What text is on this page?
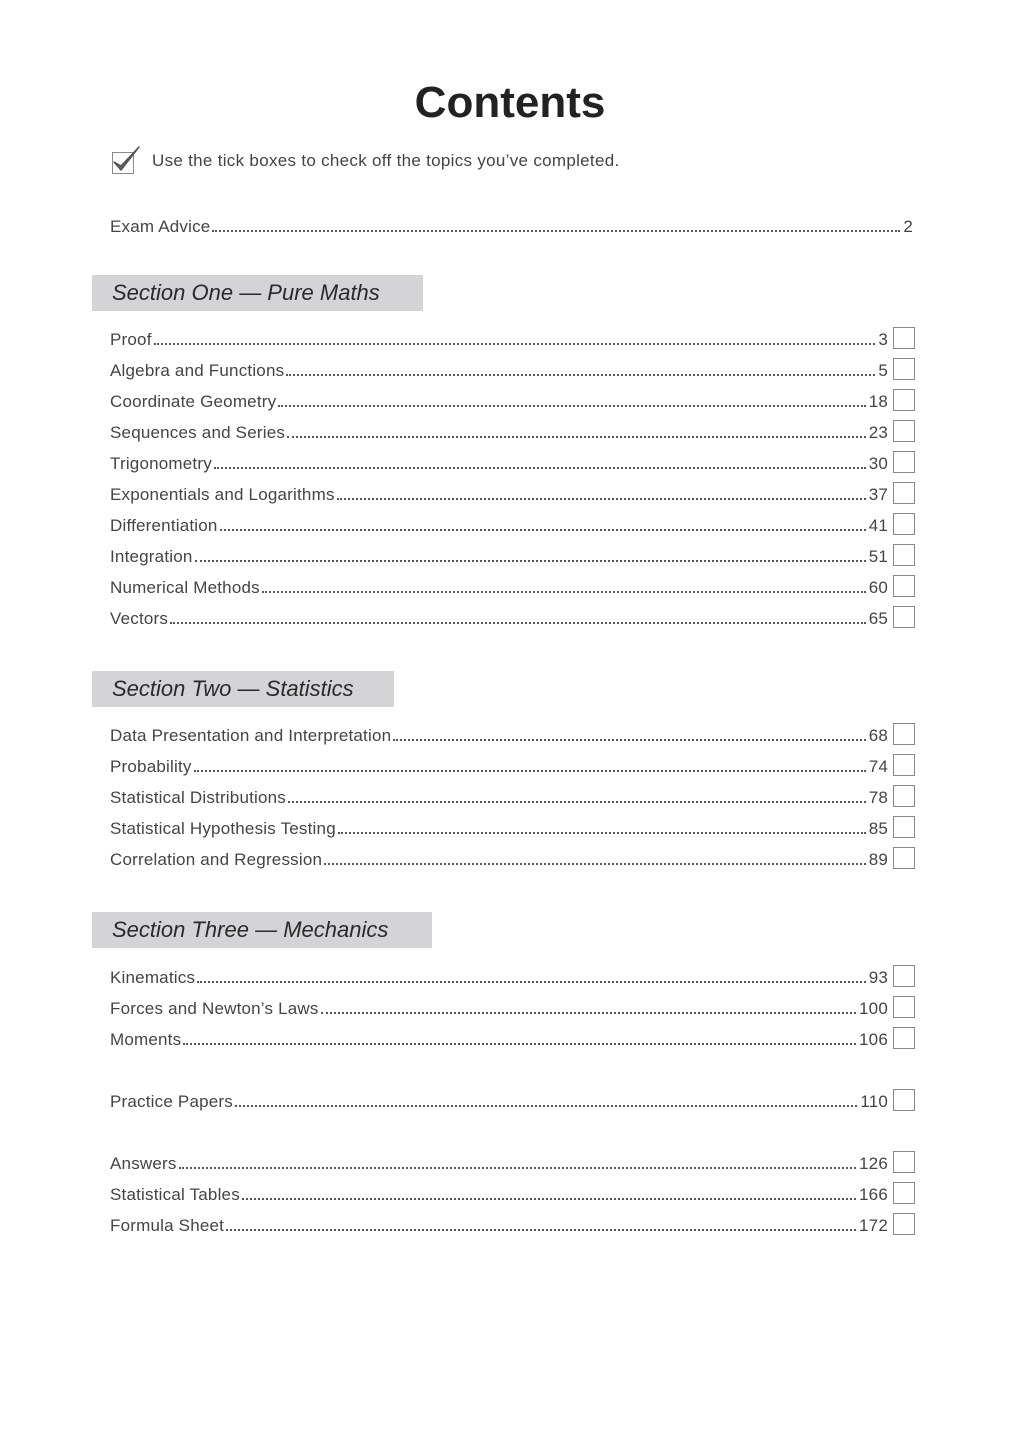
Contents
Use the tick boxes to check off the topics you’ve completed.
Exam Advice	2
Section One — Pure Maths
Proof	3
Algebra and Functions	5
Coordinate Geometry	18
Sequences and Series	23
Trigonometry	30
Exponentials and Logarithms	37
Differentiation	41
Integration	51
Numerical Methods	60
Vectors	65
Section Two — Statistics
Data Presentation and Interpretation	68
Probability	74
Statistical Distributions	78
Statistical Hypothesis Testing	85
Correlation and Regression	89
Section Three — Mechanics
Kinematics	93
Forces and Newton’s Laws	100
Moments	106
Practice Papers	110
Answers	126
Statistical Tables	166
Formula Sheet	172
